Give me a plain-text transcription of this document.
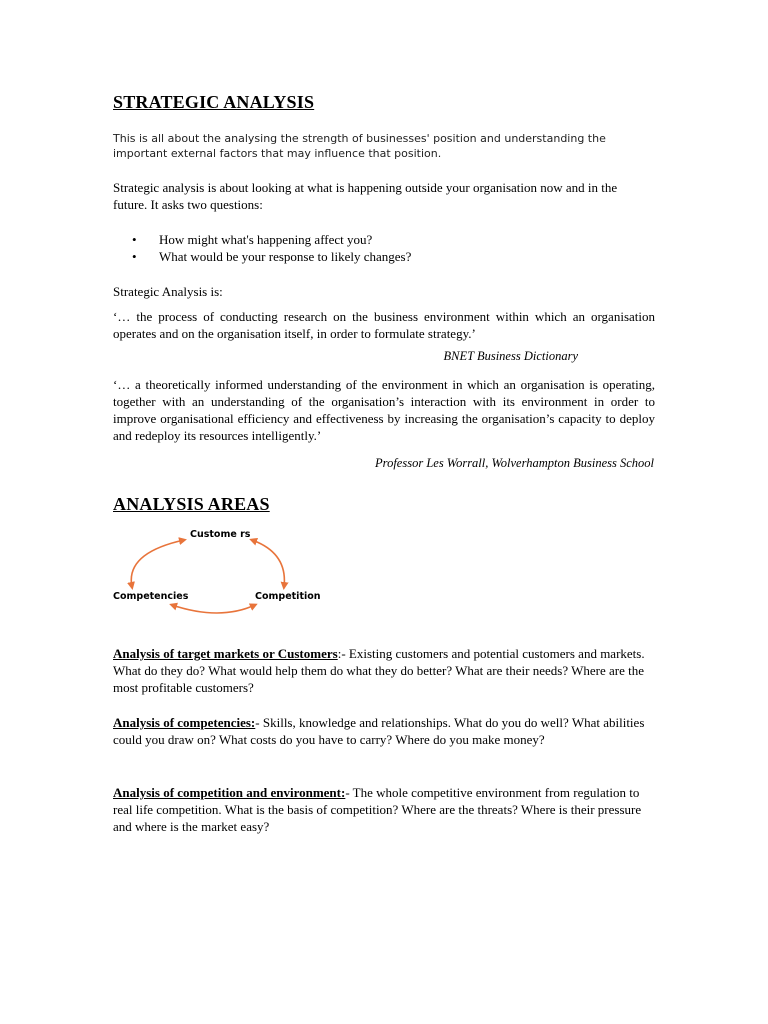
STRATEGIC ANALYSIS
This is all about the analysing the strength of businesses' position and understanding the important external factors that may influence that position.
Strategic analysis is about looking at what is happening outside your organisation now and in the future. It asks two questions:
• How might what's happening affect you?
• What would be your response to likely changes?
Strategic Analysis is:
‘… the process of conducting research on the business environment within which an organisation operates and on the organisation itself, in order to formulate strategy.’
BNET Business Dictionary
‘… a theoretically informed understanding of the environment in which an organisation is operating, together with an understanding of the organisation’s interaction with its environment in order to improve organisational efficiency and effectiveness by increasing the organisation’s capacity to deploy and redeploy its resources intelligently.’
Professor Les Worrall, Wolverhampton Business School
ANALYSIS AREAS
Custome rs
Competencies	Competition
Analysis of target markets or Customers:- Existing customers and potential customers and markets. What do they do? What would help them do what they do better? What are their needs? Where are the most profitable customers?
Analysis of competencies:- Skills, knowledge and relationships. What do you do well? What abilities could you draw on? What costs do you have to carry? Where do you make money?
Analysis of competition and environment:- The whole competitive environment from regulation to real life competition. What is the basis of competition? Where are the threats? Where is their pressure and where is the market easy?
